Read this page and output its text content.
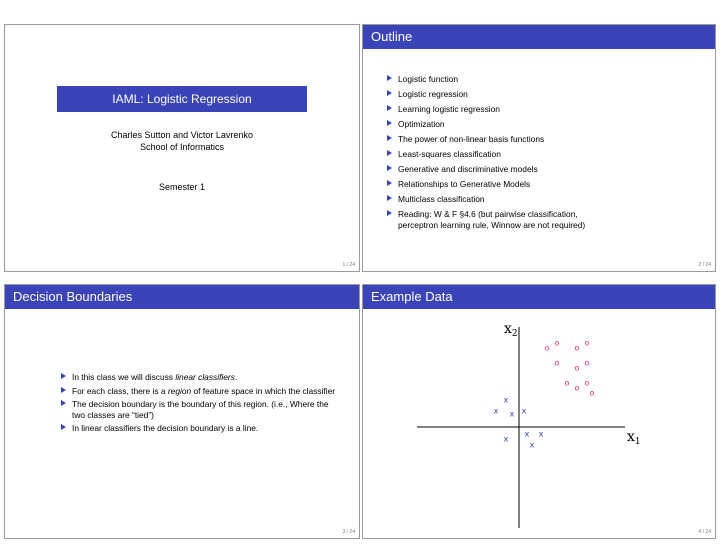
IAML: Logistic Regression
Charles Sutton and Victor Lavrenko
School of Informatics
Semester 1
1 / 24
Outline
Logistic function
Logistic regression
Learning logistic regression
Optimization
The power of non-linear basis functions
Least-squares classification
Generative and discriminative models
Relationships to Generative Models
Multiclass classification
Reading: W & F §4.6 (but pairwise classification,
perceptron learning rule, Winnow are not required)
2 / 24
Decision Boundaries
In this class we will discuss linear classifiers.
For each class, there is a region of feature space in which the classifier
The decision boundary is the boundary of this region. (i.e., Where the two classes are “tied”)
In linear classifiers the decision boundary is a line.
3 / 24
Example Data
$x_2$
$x_1$
x
x x x
x x
x
x
o	o
o	o
o	o
o
o o
o
o
4 / 24
